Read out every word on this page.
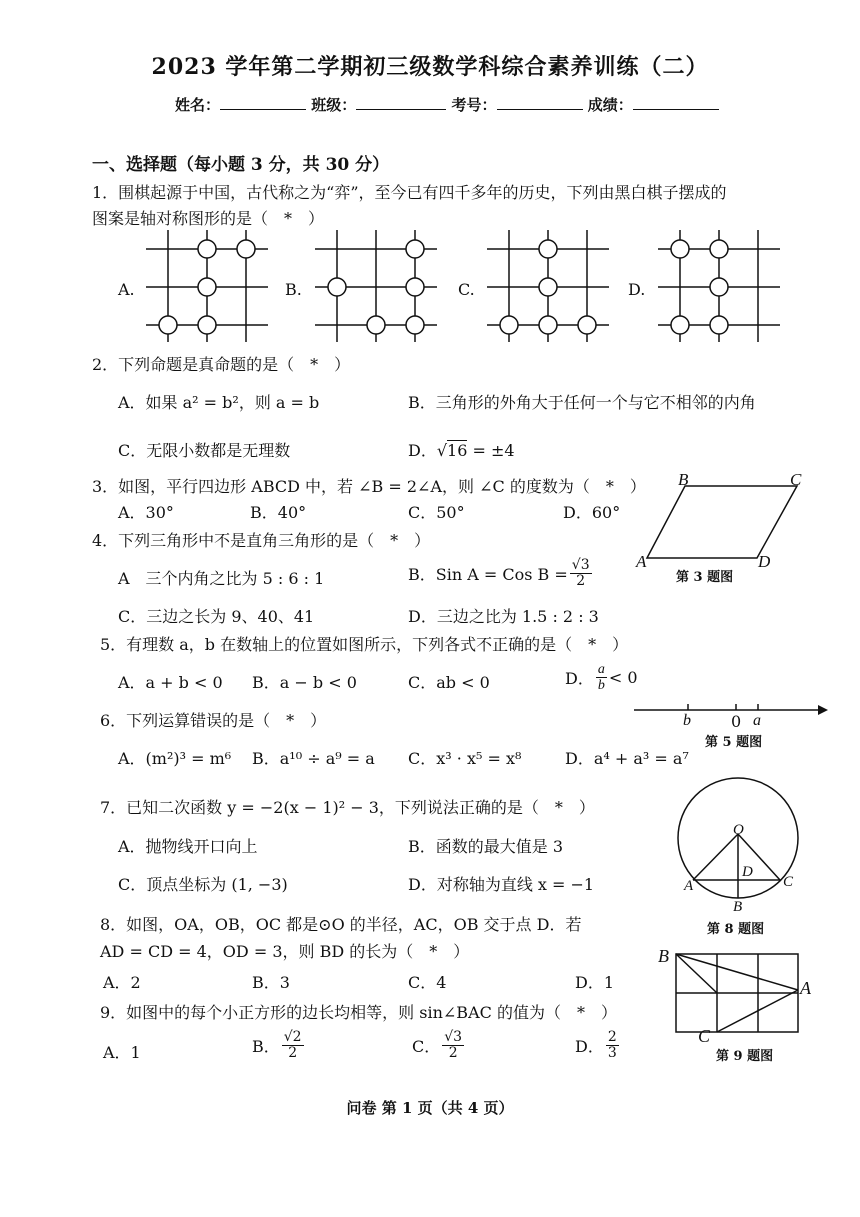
2023 学年第二学期初三级数学科综合素养训练（二）
姓名：	班级：	考号：	成绩：
一、选择题（每小题 3 分，共 30 分）
1．围棋起源于中国，古代称之为“弈”，至今已有四千多年的历史，下列由黑白棋子摆成的
图案是轴对称图形的是（　*　）
A.	B.	C.	D.
2．下列命题是真命题的是（　*　）
A．如果 a² = b²，则 a = b	B．三角形的外角大于任何一个与它不相邻的内角
C．无限小数都是无理数	D．√16 = ±4
3．如图，平行四边形 ABCD 中，若 ∠B = 2∠A，则 ∠C 的度数为（　*　）
A．30°	B．40°	C．50°	D．60°
B	C
A	D
第 3 题图
4．下列三角形中不是直角三角形的是（　*　）
A　三个内角之比为 5 : 6 : 1	B．Sin A = Cos $B = \frac{√3}{2}$
C．三边之长为 9、40、41	D．三边之比为 1.5 : 2 : 3
5．有理数 a，b 在数轴上的位置如图所示，下列各式不正确的是（　*　）
A．a + b < 0 B．a − b < 0	C．ab < 0	D． $\frac{a}{b} < 0$
b	0 a
第 5 题图
6．下列运算错误的是（　*　）
A．(m²)³ = m⁶ B．a¹⁰ ÷ a⁹ = a C．x³ · x⁵ = x⁸	D．a⁴ + a³ = a⁷
7．已知二次函数 y = −2(x − 1)² − 3，下列说法正确的是（　*　）
A．抛物线开口向上	B．函数的最大值是 3
C．顶点坐标为 (1, −3)	D．对称轴为直线 x = −1
O
D
A	C
B
第 8 题图
8．如图，OA，OB，OC 都是⊙O 的半径，AC，OB 交于点 D．若
AD = CD = 4，OD = 3，则 BD 的长为（　*　）
A．2	B．3	C．4	D．1
B
A
C
第 9 题图
9．如图中的每个小正方形的边长均相等，则 sin∠BAC 的值为（　*　）
A．1	B． $\frac{√2}{2}$	C． $\frac{√3}{2}$	D． $\frac{2}{3}$
问卷 第 1 页（共 4 页）
